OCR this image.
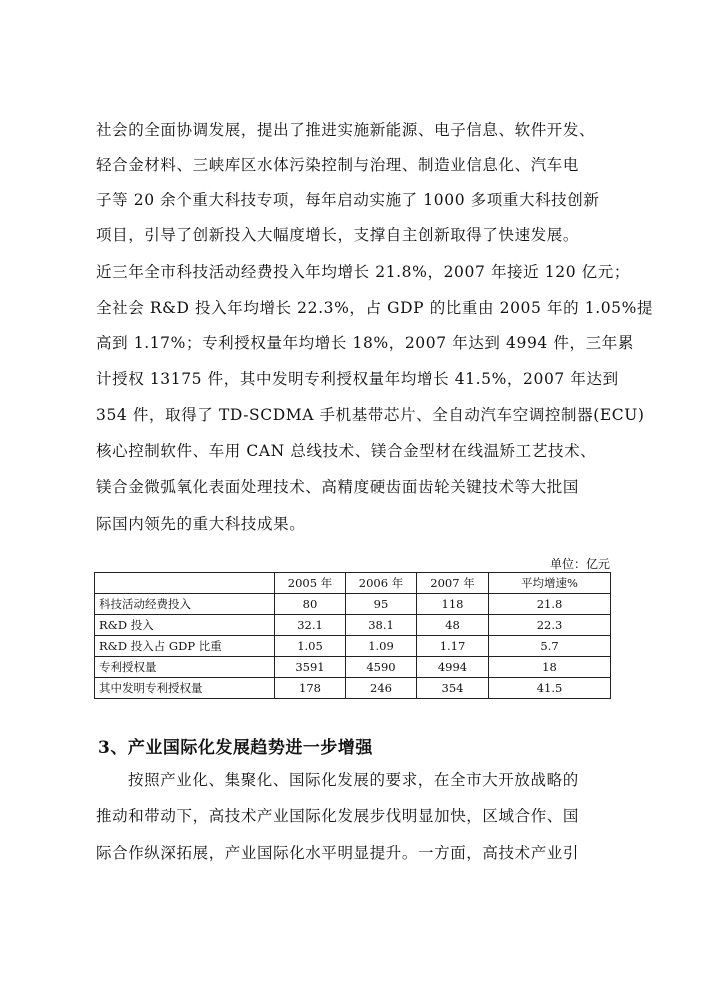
社会的全面协调发展，提出了推进实施新能源、电子信息、软件开发、
轻合金材料、三峡库区水体污染控制与治理、制造业信息化、汽车电
子等 20 余个重大科技专项，每年启动实施了 1000 多项重大科技创新
项目，引导了创新投入大幅度增长，支撑自主创新取得了快速发展。
近三年全市科技活动经费投入年均增长 21.8%，2007 年接近 120 亿元；
全社会 R&D 投入年均增长 22.3%，占 GDP 的比重由 2005 年的 1.05%提
高到 1.17%；专利授权量年均增长 18%，2007 年达到 4994 件，三年累
计授权 13175 件，其中发明专利授权量年均增长 41.5%，2007 年达到
354 件，取得了 TD-SCDMA 手机基带芯片、全自动汽车空调控制器(ECU)
核心控制软件、车用 CAN 总线技术、镁合金型材在线温矫工艺技术、
镁合金微弧氧化表面处理技术、高精度硬齿面齿轮关键技术等大批国
际国内领先的重大科技成果。
单位：亿元
	2005 年	2006 年	2007 年	平均增速%
科技活动经费投入	80	95	118	21.8
R&D 投入	32.1	38.1	48	22.3
R&D 投入占 GDP 比重	1.05	1.09	1.17	5.7
专利授权量	3591	4590	4994	18
其中发明专利授权量	178	246	354	41.5
3、产业国际化发展趋势进一步增强
按照产业化、集聚化、国际化发展的要求，在全市大开放战略的
推动和带动下，高技术产业国际化发展步伐明显加快，区域合作、国
际合作纵深拓展，产业国际化水平明显提升。一方面，高技术产业引
